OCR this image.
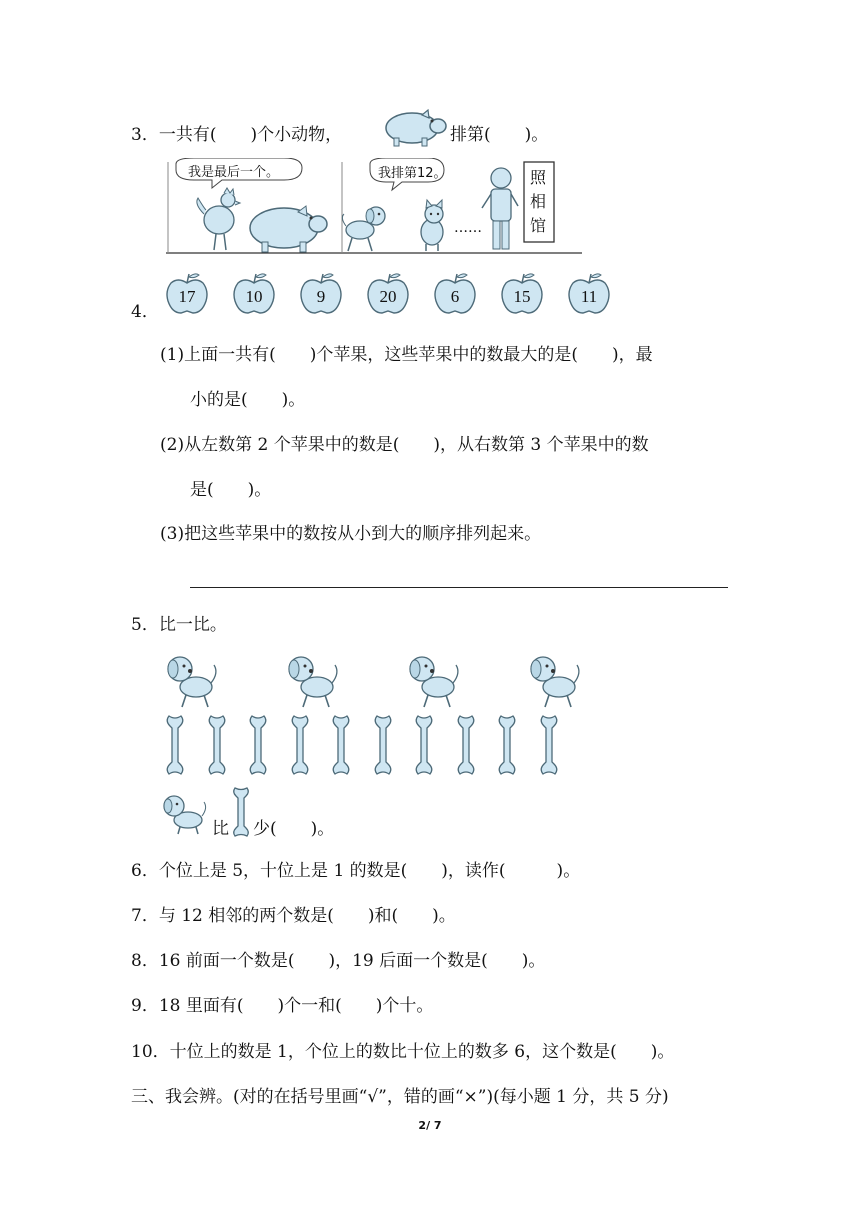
3．一共有(　　)个小动物，	排第(　　)。
我是最后一个。	我排第12。
……
照相馆
4．
17	10	9	20	6	15	11
(1)上面一共有(　　)个苹果，这些苹果中的数最大的是(　　)，最
小的是(　　)。
(2)从左数第 2 个苹果中的数是(　　)，从右数第 3 个苹果中的数
是(　　)。
(3)把这些苹果中的数按从小到大的顺序排列起来。
5．比一比。
比 少(　　)。
6．个位上是 5，十位上是 1 的数是(　　)，读作(　　　)。
7．与 12 相邻的两个数是(　　)和(　　)。
8．16 前面一个数是(　　)，19 后面一个数是(　　)。
9．18 里面有(　　)个一和(　　)个十。
10．十位上的数是 1，个位上的数比十位上的数多 6，这个数是(　　)。
三、我会辨。(对的在括号里画“√”，错的画“×”)(每小题 1 分，共 5 分)
2/ 7
